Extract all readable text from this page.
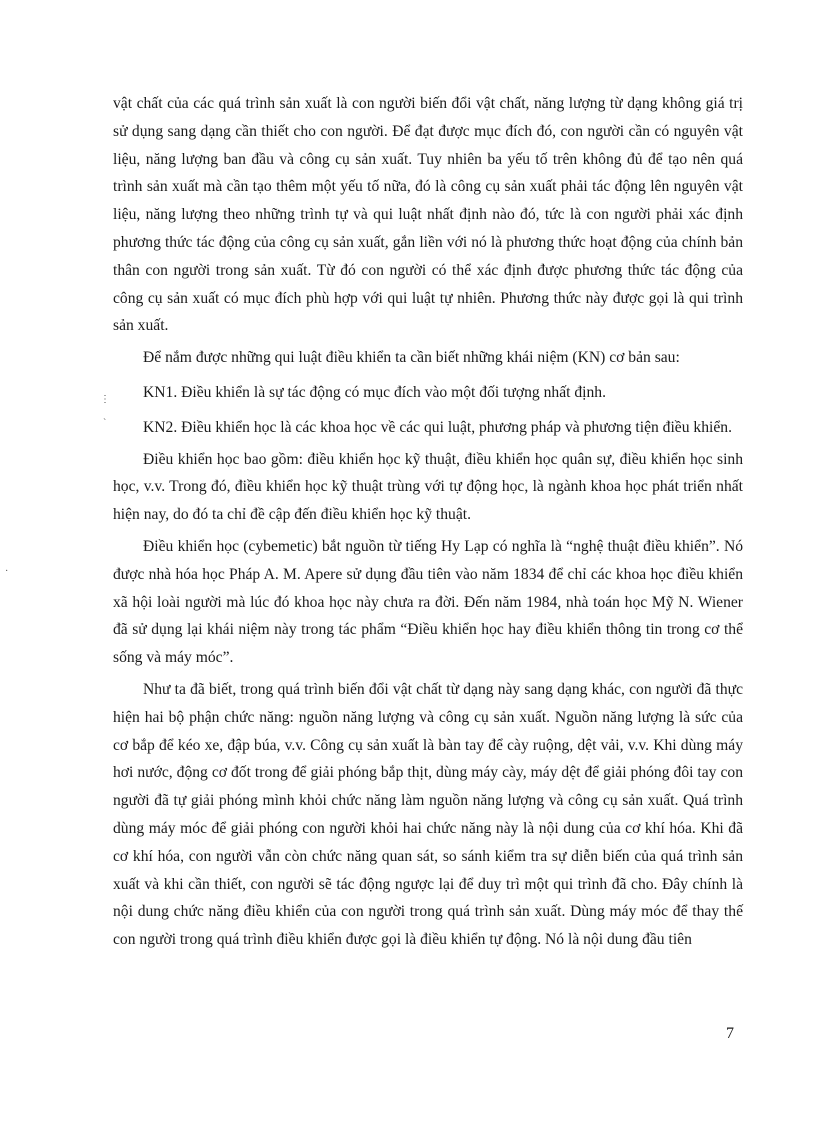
⋮
ˋ
·

vật chất của các quá trình sản xuất là con người biến đổi vật chất, năng lượng từ dạng không giá trị sử dụng sang dạng cần thiết cho con người. Để đạt được mục đích đó, con người cần có nguyên vật liệu, năng lượng ban đầu và công cụ sản xuất. Tuy nhiên ba yếu tố trên không đủ để tạo nên quá trình sản xuất mà cần tạo thêm một yếu tố nữa, đó là công cụ sản xuất phải tác động lên nguyên vật liệu, năng lượng theo những trình tự và qui luật nhất định nào đó, tức là con người phải xác định phương thức tác động của công cụ sản xuất, gắn liền với nó là phương thức hoạt động của chính bản thân con người trong sản xuất. Từ đó con người có thể xác định được phương thức tác động của công cụ sản xuất có mục đích phù hợp với qui luật tự nhiên. Phương thức này được gọi là qui trình sản xuất.

Để nắm được những qui luật điều khiển ta cần biết những khái niệm (KN) cơ bản sau:

KN1. Điều khiển là sự tác động có mục đích vào một đối tượng nhất định.

KN2. Điều khiển học là các khoa học về các qui luật, phương pháp và phương tiện điều khiển.

Điều khiển học bao gồm: điều khiển học kỹ thuật, điều khiển học quân sự, điều khiển học sinh học, v.v. Trong đó, điều khiển học kỹ thuật trùng với tự động học, là ngành khoa học phát triển nhất hiện nay, do đó ta chỉ đề cập đến điều khiển học kỹ thuật.

Điều khiển học (cybemetic) bắt nguồn từ tiếng Hy Lạp có nghĩa là “nghệ thuật điều khiển”. Nó được nhà hóa học Pháp A. M. Apere sử dụng đầu tiên vào năm 1834 để chỉ các khoa học điều khiển xã hội loài người mà lúc đó khoa học này chưa ra đời. Đến năm 1984, nhà toán học Mỹ N. Wiener đã sử dụng lại khái niệm này trong tác phẩm “Điều khiển học hay điều khiển thông tin trong cơ thể sống và máy móc”.

Như ta đã biết, trong quá trình biến đổi vật chất từ dạng này sang dạng khác, con người đã thực hiện hai bộ phận chức năng: nguồn năng lượng và công cụ sản xuất. Nguồn năng lượng là sức của cơ bắp để kéo xe, đập búa, v.v. Công cụ sản xuất là bàn tay để cày ruộng, dệt vải, v.v. Khi dùng máy hơi nước, động cơ đốt trong để giải phóng bắp thịt, dùng máy cày, máy dệt để giải phóng đôi tay con người đã tự giải phóng mình khỏi chức năng làm nguồn năng lượng và công cụ sản xuất. Quá trình dùng máy móc để giải phóng con người khỏi hai chức năng này là nội dung của cơ khí hóa. Khi đã cơ khí hóa, con người vẫn còn chức năng quan sát, so sánh kiểm tra sự diễn biến của quá trình sản xuất và khi cần thiết, con người sẽ tác động ngược lại để duy trì một qui trình đã cho. Đây chính là nội dung chức năng điều khiển của con người trong quá trình sản xuất. Dùng máy móc để thay thế con người trong quá trình điều khiển được gọi là điều khiển tự động. Nó là nội dung đầu tiên

7
